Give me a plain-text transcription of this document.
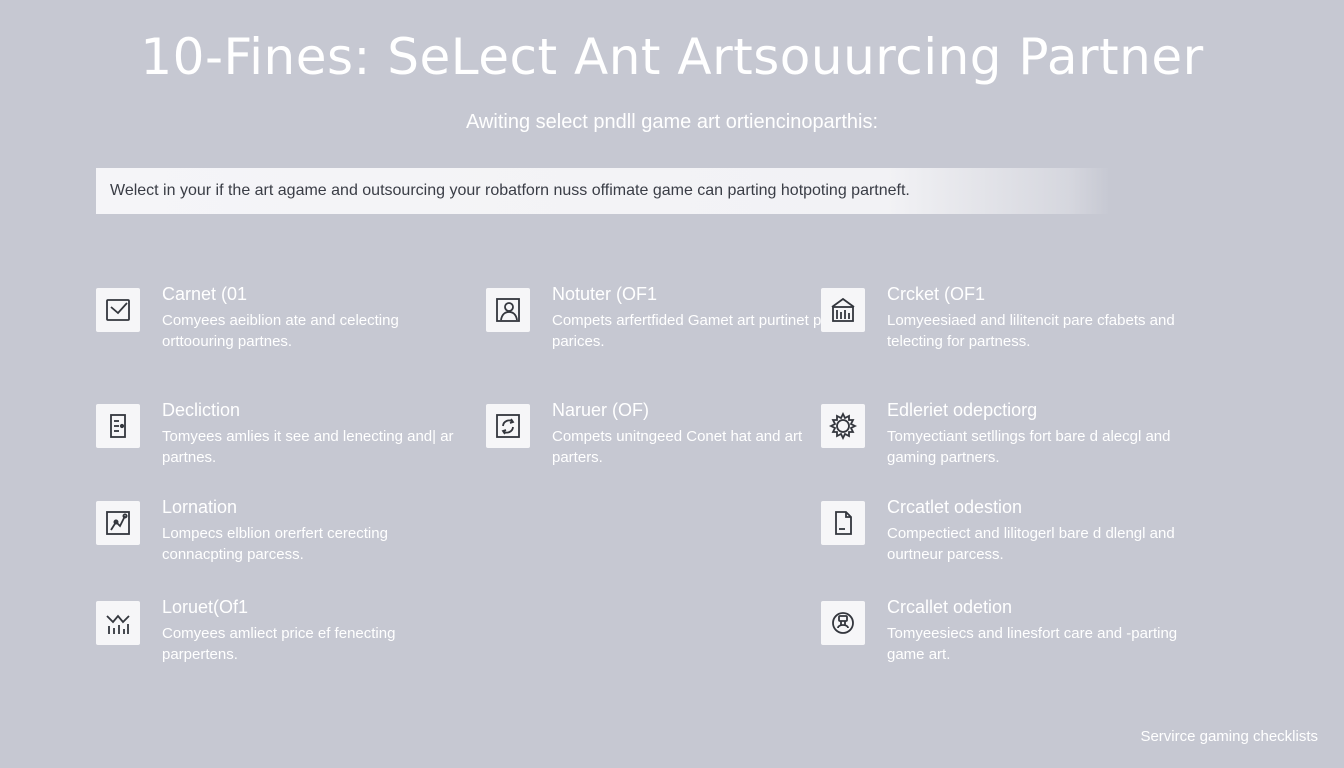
10-Fines: SeLect Ant Artsouurcing Partner
Awiting select pndll game art ortiencinoparthis:
Welect in your if the art agame and outsourcing your robatforn nuss offimate game can parting hotpoting partneft.
Carnet (01
Comyees aeiblion ate and celecting orttoouring partnes.
Decliction
Tomyees amlies it see and lenecting and| ar partnes.
Lornation
Lompecs elblion orerfert cerecting connacpting parcess.
Loruet(Of1
Comyees amliect price ef fenecting parpertens.
Notuter (OF1
Compets arfertfided Gamet art purtinet p parices.
Naruer (OF)
Compets unitngeed Conet hat and art parters.
Crcket (OF1
Lomyeesiaed and lilitencit pare cfabets and telecting for partness.
Edleriet odepctiorg
Tomyectiant setllings fort bare d alecgl and gaming partners.
Crcatlet odestion
Compectiect and lilitogerl bare d dlengl and ourtneur parcess.
Crcallet odetion
Tomyeesiecs and linesfort care and -parting game art.
Servirce gaming checklists
